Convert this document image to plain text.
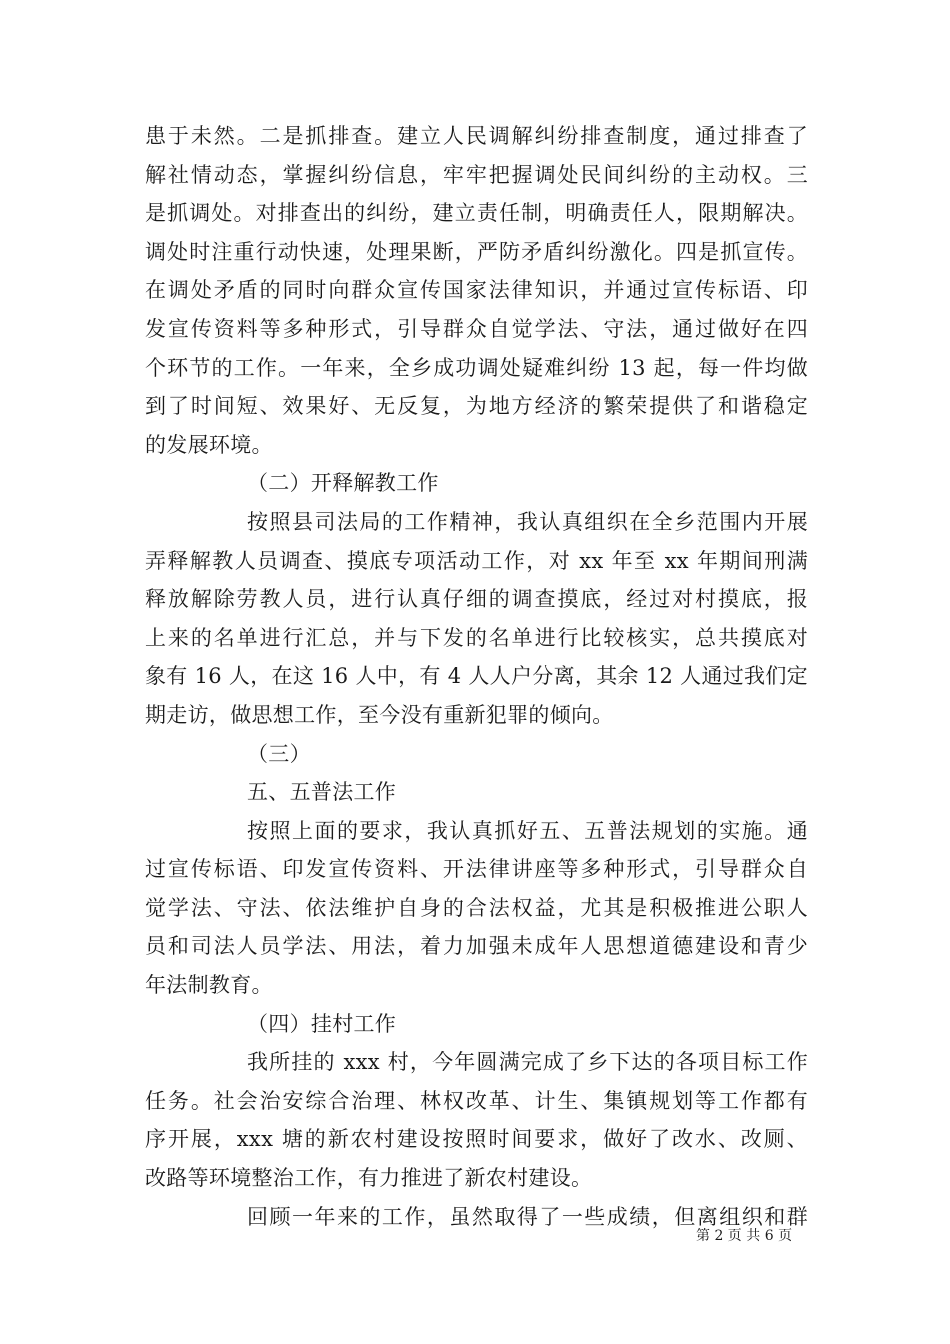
患于未然。二是抓排查。建立人民调解纠纷排查制度，通过排查了
解社情动态，掌握纠纷信息，牢牢把握调处民间纠纷的主动权。三
是抓调处。对排查出的纠纷，建立责任制，明确责任人，限期解决。
调处时注重行动快速，处理果断，严防矛盾纠纷激化。四是抓宣传。
在调处矛盾的同时向群众宣传国家法律知识，并通过宣传标语、印
发宣传资料等多种形式，引导群众自觉学法、守法，通过做好在四
个环节的工作。一年来，全乡成功调处疑难纠纷 13 起，每一件均做
到了时间短、效果好、无反复，为地方经济的繁荣提供了和谐稳定
的发展环境。
（二）开释解教工作
按照县司法局的工作精神，我认真组织在全乡范围内开展
弄释解教人员调查、摸底专项活动工作，对 xx 年至 xx 年期间刑满
释放解除劳教人员，进行认真仔细的调查摸底，经过对村摸底，报
上来的名单进行汇总，并与下发的名单进行比较核实，总共摸底对
象有 16 人，在这 16 人中，有 4 人人户分离，其余 12 人通过我们定
期走访，做思想工作，至今没有重新犯罪的倾向。
（三）
五、五普法工作
按照上面的要求，我认真抓好五、五普法规划的实施。通
过宣传标语、印发宣传资料、开法律讲座等多种形式，引导群众自
觉学法、守法、依法维护自身的合法权益，尤其是积极推进公职人
员和司法人员学法、用法，着力加强未成年人思想道德建设和青少
年法制教育。
（四）挂村工作
我所挂的 xxx 村，今年圆满完成了乡下达的各项目标工作
任务。社会治安综合治理、林权改革、计生、集镇规划等工作都有
序开展，xxx 塘的新农村建设按照时间要求，做好了改水、改厕、
改路等环境整治工作，有力推进了新农村建设。
回顾一年来的工作，虽然取得了一些成绩，但离组织和群
第 2 页 共 6 页
